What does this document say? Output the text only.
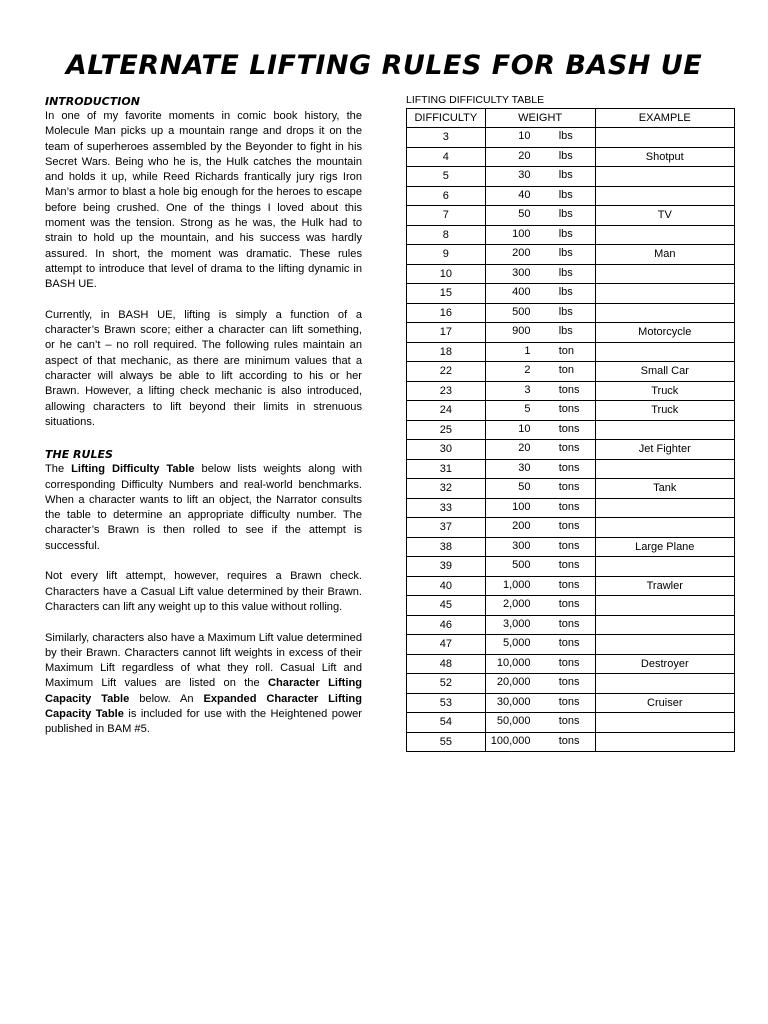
ALTERNATE LIFTING RULES FOR BASH UE
INTRODUCTION

In one of my favorite moments in comic book history, the Molecule Man picks up a mountain range and drops it on the team of superheroes assembled by the Beyonder to fight in his Secret Wars. Being who he is, the Hulk catches the mountain and holds it up, while Reed Richards frantically jury rigs Iron Man’s armor to blast a hole big enough for the heroes to escape before being crushed. One of the things I loved about this moment was the tension. Strong as he was, the Hulk had to strain to hold up the mountain, and his success was hardly assured. In short, the moment was dramatic. These rules attempt to introduce that level of drama to the lifting dynamic in BASH UE.

Currently, in BASH UE, lifting is simply a function of a character’s Brawn score; either a character can lift something, or he can’t – no roll required. The following rules maintain an aspect of that mechanic, as there are minimum values that a character will always be able to lift according to his or her Brawn. However, a lifting check mechanic is also introduced, allowing characters to lift beyond their limits in strenuous situations.

THE RULES

The Lifting Difficulty Table below lists weights along with corresponding Difficulty Numbers and real-world benchmarks. When a character wants to lift an object, the Narrator consults the table to determine an appropriate difficulty number. The character’s Brawn is then rolled to see if the attempt is successful.

Not every lift attempt, however, requires a Brawn check. Characters have a Casual Lift value determined by their Brawn. Characters can lift any weight up to this value without rolling.

Similarly, characters also have a Maximum Lift value determined by their Brawn. Characters cannot lift weights in excess of their Maximum Lift regardless of what they roll. Casual Lift and Maximum Lift values are listed on the Character Lifting Capacity Table below. An Expanded Character Lifting Capacity Table is included for use with the Heightened power published in BAM #5.

LIFTING DIFFICULTY TABLE
DIFFICULTY	WEIGHT	EXAMPLE
3	10 lbs	

4	20 lbs	Shotput
5	30 lbs	

6	40 lbs	

7	50 lbs	TV
8	100 lbs	

9	200 lbs	Man
10	300 lbs	

15	400 lbs	

16	500 lbs	

17	900 lbs	Motorcycle
18	1 ton	

22	2 ton	Small Car
23	3 tons	Truck
24	5 tons	Truck
25	10 tons	

30	20 tons	Jet Fighter
31	30 tons	

32	50 tons	Tank
33	100 tons	

37	200 tons	

38	300 tons	Large Plane
39	500 tons	

40	1,000 tons	Trawler
45	2,000 tons	

46	3,000 tons	

47	5,000 tons	

48	10,000 tons	Destroyer
52	20,000 tons	

53	30,000 tons	Cruiser
54	50,000 tons	

55	100,000 tons	
